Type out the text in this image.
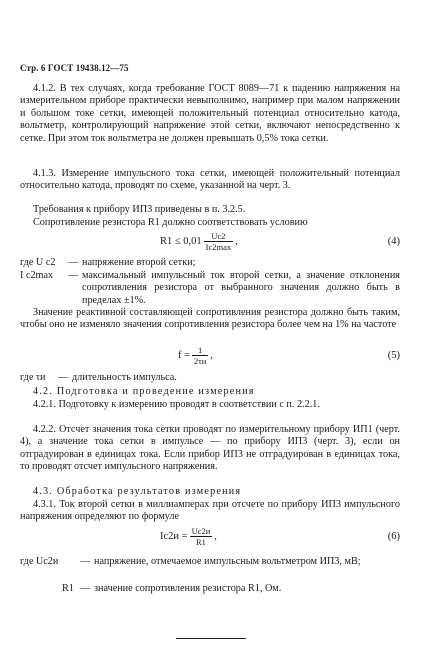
Стр. 6 ГОСТ 19438.12—75
4.1.2. В тех случаях, когда требование ГОСТ 8089—71 к падению напряжения на измерительном приборе практически невыполнимо, например при малом напряжении и большом токе сетки, имеющей положительный потенциал относительно катода, вольтметр, контролирующий напряжение этой сетки, включают непосредственно к сетке. При этом ток вольтметра не должен превышать 0,5% тока сетки.
4.1.3. Измерение импульсного тока сетки, имеющей положительный потенциал относительно катода, проводят по схеме, указанной на черт. 3.
Требования к прибору ИП3 приведены в п. 3.2.5.
Сопротивление резистора R1 должно соответствовать условию
$R1 \le 0,01 \frac{Uc2}{Ic2\max}$ ,	(4)
где U c2 — напряжение второй сетки;
I c2max — максимальный импульсный ток второй сетки, а значение отклонения сопротивления резистора от выбранного значения должно быть в пределах ±1%.
Значение реактивной составляющей сопротивления резистора должно быть таким, чтобы оно не изменяло значения сопротивления резистора более чем на 1% на частоте
$f = \frac{1}{2\tau и}$ ,	(5)
где τи — длительность импульса.
4.2. Подготовка и проведение измерения
4.2.1. Подготовку к измерению проводят в соответствии с п. 2.2.1.
4.2.2. Отсчет значения тока сетки проводят по измерительному прибору ИП1 (черт. 4), а значение тока сетки в импульсе — по прибору ИП3 (черт. 3), если он отградуирован в единицах тока. Если прибор ИП3 не отградуирован в единицах тока, то проводят отсчет импульсного напряжения.
4.3. Обработка результатов измерения
4.3.1. Ток второй сетки в миллиамперах при отсчете по прибору ИП3 импульсного напряжения определяют по формуле
$Ic2и = \frac{Uc2и}{R1}$ ,	(6)
где Uc2и — напряжение, отмечаемое импульсным вольтметром ИП3, мВ;
R1 — значение сопротивления резистора R1, Ом.
